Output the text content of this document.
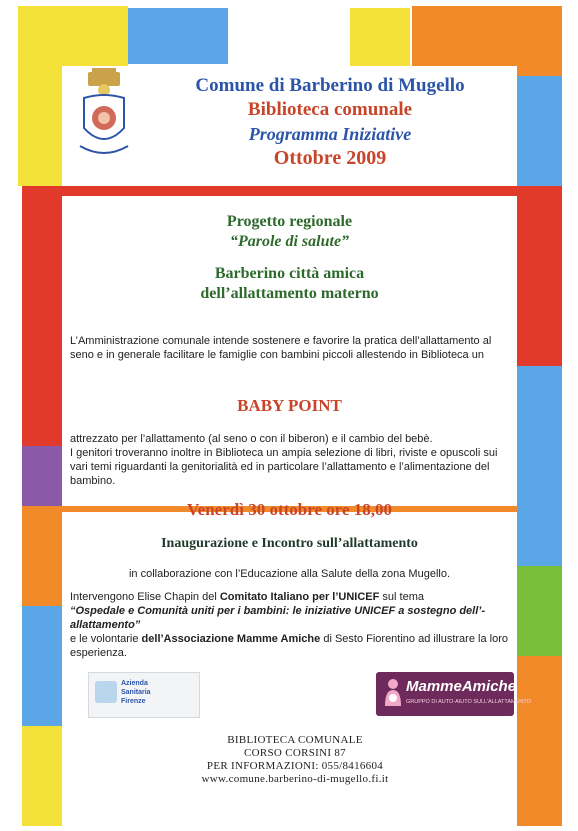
Comune di Barberino di Mugello
Biblioteca comunale
Programma Iniziative
Ottobre 2009
Progetto regionale
“Parole di salute”
Barberino città amica
dell’allattamento materno
L’Amministrazione comunale intende sostenere e favorire la pratica dell’allattamento al seno e in generale facilitare le famiglie con bambini piccoli allestendo in Biblioteca un
BABY POINT
attrezzato per l’allattamento (al seno o con il biberon) e il cambio del bebè.
I genitori troveranno inoltre in Biblioteca un ampia selezione di libri, riviste e opuscoli sui vari temi riguardanti la genitorialità ed in particolare l’allattamento e l’alimentazione del bambino.
Venerdì 30 ottobre ore 18,00
Inaugurazione e Incontro sull’allattamento
in collaborazione con l’Educazione alla Salute della zona Mugello.
Intervengono Elise Chapin del Comitato Italiano per l’UNICEF sul tema
“Ospedale e Comunità uniti per i bambini: le iniziative UNICEF a sostegno dell’-allattamento”
e le volontarie dell’Associazione Mamme Amiche di Sesto Fiorentino ad illustrare la loro esperienza.
Azienda
Sanitaria
Firenze
MammeAmiche
GRUPPO DI AUTO-AIUTO SULL’ALLATTAMENTO
BIBLIOTECA COMUNALE
CORSO CORSINI 87
PER INFORMAZIONI: 055/8416604
www.comune.barberino-di-mugello.fi.it
